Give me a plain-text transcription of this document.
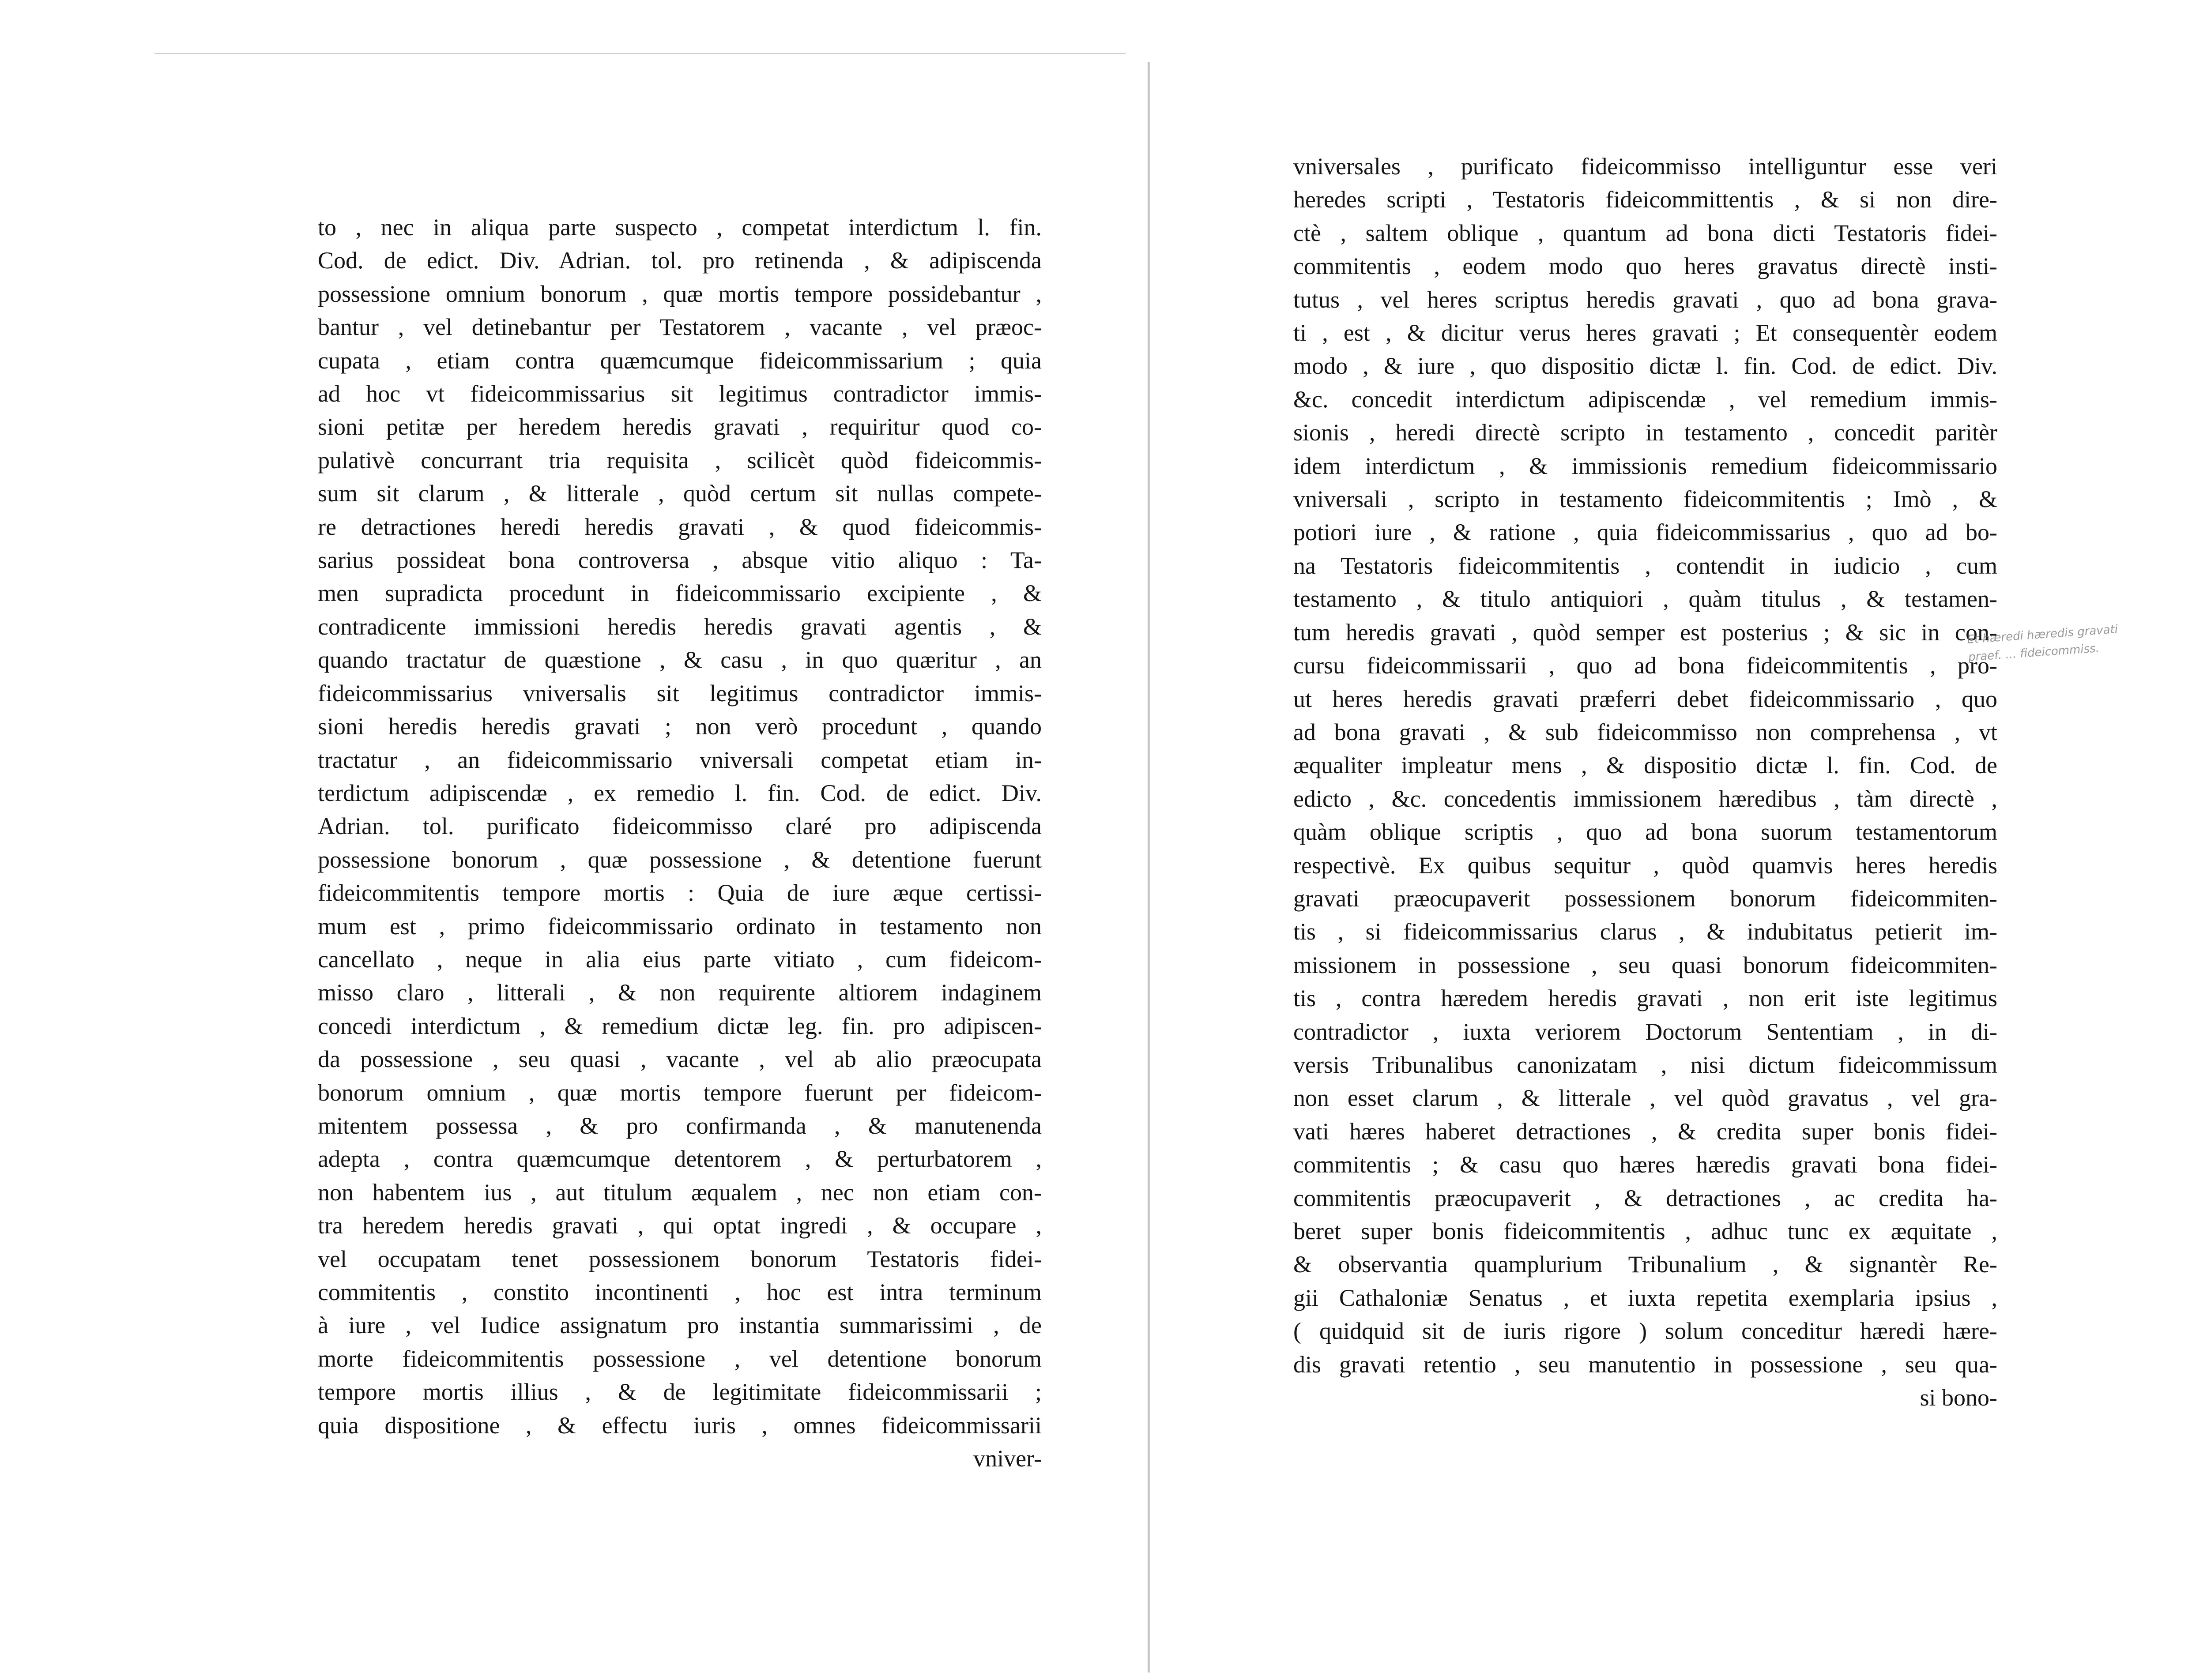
to , nec in aliqua parte suspecto , competat interdictum l. fin.
Cod. de edict. Div. Adrian. tol. pro retinenda , & adipiscenda
possessione omnium bonorum , quæ mortis tempore possidebantur ,
bantur , vel detinebantur per Testatorem , vacante , vel præoc-
cupata , etiam contra quæmcumque fideicommissarium ; quia
ad hoc vt fideicommissarius sit legitimus contradictor immis-
sioni petitæ per heredem heredis gravati , requiritur quod co-
pulativè concurrant tria requisita , scilicèt quòd fideicommis-
sum sit clarum , & litterale , quòd certum sit nullas compete-
re detractiones heredi heredis gravati , & quod fideicommis-
sarius possideat bona controversa , absque vitio aliquo : Ta-
men supradicta procedunt in fideicommissario excipiente , &
contradicente immissioni heredis heredis gravati agentis , &
quando tractatur de quæstione , & casu , in quo quæritur , an
fideicommissarius vniversalis sit legitimus contradictor immis-
sioni heredis heredis gravati ; non verò procedunt , quando
tractatur , an fideicommissario vniversali competat etiam in-
terdictum adipiscendæ , ex remedio l. fin. Cod. de edict. Div.
Adrian. tol. purificato fideicommisso claré pro adipiscenda
possessione bonorum , quæ possessione , & detentione fuerunt
fideicommitentis tempore mortis : Quia de iure æque certissi-
mum est , primo fideicommissario ordinato in testamento non
cancellato , neque in alia eius parte vitiato , cum fideicom-
misso claro , litterali , & non requirente altiorem indaginem
concedi interdictum , & remedium dictæ leg. fin. pro adipiscen-
da possessione , seu quasi , vacante , vel ab alio præocupata
bonorum omnium , quæ mortis tempore fuerunt per fideicom-
mitentem possessa , & pro confirmanda , & manutenenda
adepta , contra quæmcumque detentorem , & perturbatorem ,
non habentem ius , aut titulum æqualem , nec non etiam con-
tra heredem heredis gravati , qui optat ingredi , & occupare ,
vel occupatam tenet possessionem bonorum Testatoris fidei-
commitentis , constito incontinenti , hoc est intra terminum
à iure , vel Iudice assignatum pro instantia summarissimi , de
morte fideicommitentis possessione , vel detentione bonorum
tempore mortis illius , & de legitimitate fideicommissarii ;
quia dispositione , & effectu iuris , omnes fideicommissarii
vniver-
vniversales , purificato fideicommisso intelliguntur esse veri
heredes scripti , Testatoris fideicommittentis , & si non dire-
ctè , saltem oblique , quantum ad bona dicti Testatoris fidei-
commitentis , eodem modo quo heres gravatus directè insti-
tutus , vel heres scriptus heredis gravati , quo ad bona grava-
ti , est , & dicitur verus heres gravati ; Et consequentèr eodem
modo , & iure , quo dispositio dictæ l. fin. Cod. de edict. Div.
&c. concedit interdictum adipiscendæ , vel remedium immis-
sionis , heredi directè scripto in testamento , concedit paritèr
idem interdictum , & immissionis remedium fideicommissario
vniversali , scripto in testamento fideicommitentis ; Imò , &
potiori iure , & ratione , quia fideicommissarius , quo ad bo-
na Testatoris fideicommitentis , contendit in iudicio , cum
testamento , & titulo antiquiori , quàm titulus , & testamen-
tum heredis gravati , quòd semper est posterius ; & sic in con-
cursu fideicommissarii , quo ad bona fideicommitentis , pro-
ut heres heredis gravati præferri debet fideicommissario , quo
ad bona gravati , & sub fideicommisso non comprehensa , vt
æqualiter impleatur mens , & dispositio dictæ l. fin. Cod. de
edicto , &c. concedentis immissionem hæredibus , tàm directè ,
quàm oblique scriptis , quo ad bona suorum testamentorum
respectivè. Ex quibus sequitur , quòd quamvis heres heredis
gravati præocupaverit possessionem bonorum fideicommiten-
tis , si fideicommissarius clarus , & indubitatus petierit im-
missionem in possessione , seu quasi bonorum fideicommiten-
tis , contra hæredem heredis gravati , non erit iste legitimus
contradictor , iuxta veriorem Doctorum Sententiam , in di-
versis Tribunalibus canonizatam , nisi dictum fideicommissum
non esset clarum , & litterale , vel quòd gravatus , vel gra-
vati hæres haberet detractiones , & credita super bonis fidei-
commitentis ; & casu quo hæres hæredis gravati bona fidei-
commitentis præocupaverit , & detractiones , ac credita ha-
beret super bonis fideicommitentis , adhuc tunc ex æquitate ,
& observantia quamplurium Tribunalium , & signantèr Re-
gii Cathaloniæ Senatus , et iuxta repetita exemplaria ipsius ,
( quidquid sit de iuris rigore ) solum conceditur hæredi hære-
dis gravati retentio , seu manutentio in possessione , seu qua-
si bono-
Et hæredi hæredis gravati
praef. ... fideicommiss.
